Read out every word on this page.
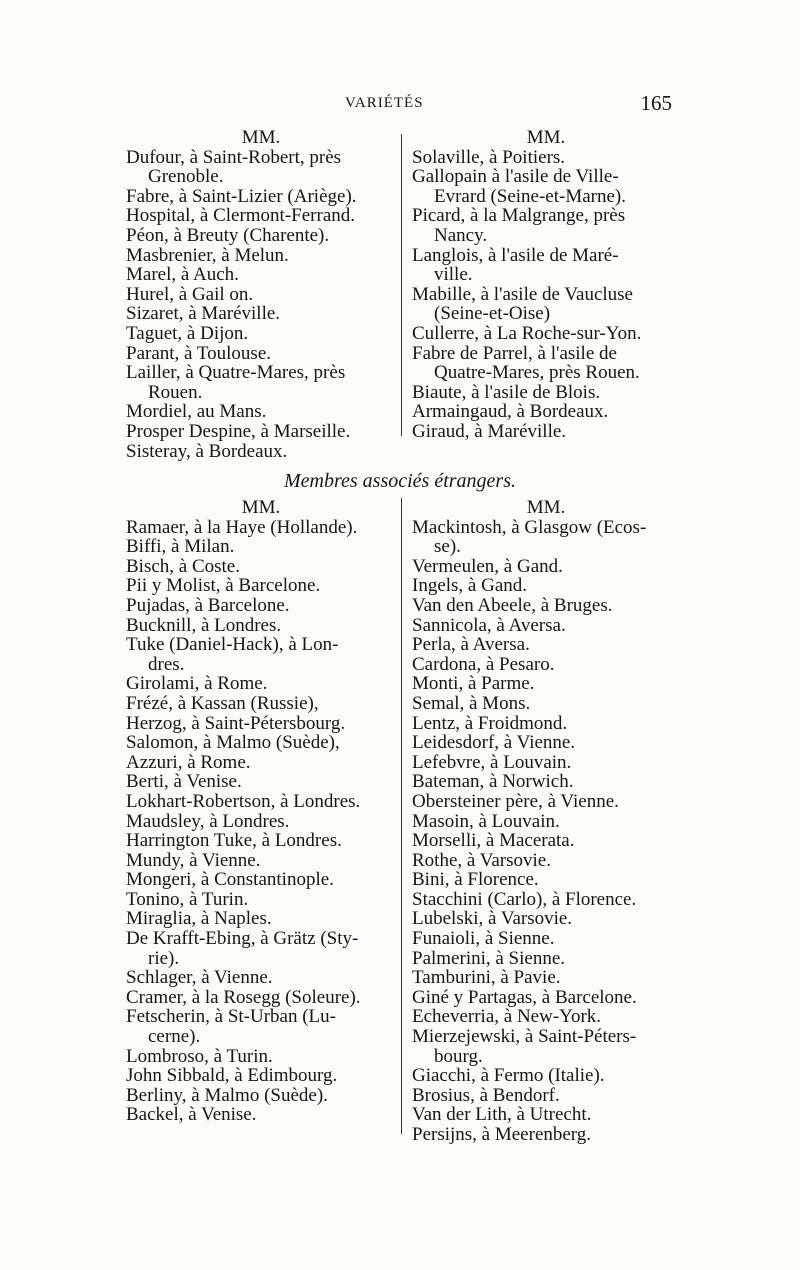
VARIÉTÉS	165
MM.
Dufour, à Saint-Robert, près
Grenoble.
Fabre, à Saint-Lizier (Ariège).
Hospital, à Clermont-Ferrand.
Péon, à Breuty (Charente).
Masbrenier, à Melun.
Marel, à Auch.
Hurel, à Gail on.
Sizaret, à Maréville.
Taguet, à Dijon.
Parant, à Toulouse.
Lailler, à Quatre-Mares, près
Rouen.
Mordiel, au Mans.
Prosper Despine, à Marseille.
Sisteray, à Bordeaux.
MM.
Solaville, à Poitiers.
Gallopain à l'asile de Ville-
Evrard (Seine-et-Marne).
Picard, à la Malgrange, près
Nancy.
Langlois, à l'asile de Maré-
ville.
Mabille, à l'asile de Vaucluse
(Seine-et-Oise)
Cullerre, à La Roche-sur-Yon.
Fabre de Parrel, à l'asile de
Quatre-Mares, près Rouen.
Biaute, à l'asile de Blois.
Armaingaud, à Bordeaux.
Giraud, à Maréville.
Membres associés étrangers.
MM.
Ramaer, à la Haye (Hollande).
Biffi, à Milan.
Bisch, à Coste.
Pii y Molist, à Barcelone.
Pujadas, à Barcelone.
Bucknill, à Londres.
Tuke (Daniel-Hack), à Lon-
dres.
Girolami, à Rome.
Frézé, à Kassan (Russie),
Herzog, à Saint-Pétersbourg.
Salomon, à Malmo (Suède),
Azzuri, à Rome.
Berti, à Venise.
Lokhart-Robertson, à Londres.
Maudsley, à Londres.
Harrington Tuke, à Londres.
Mundy, à Vienne.
Mongeri, à Constantinople.
Tonino, à Turin.
Miraglia, à Naples.
De Krafft-Ebing, à Grätz (Sty-
rie).
Schlager, à Vienne.
Cramer, à la Rosegg (Soleure).
Fetscherin, à St-Urban (Lu-
cerne).
Lombroso, à Turin.
John Sibbald, à Edimbourg.
Berliny, à Malmo (Suède).
Backel, à Venise.
MM.
Mackintosh, à Glasgow (Ecos-
se).
Vermeulen, à Gand.
Ingels, à Gand.
Van den Abeele, à Bruges.
Sannicola, à Aversa.
Perla, à Aversa.
Cardona, à Pesaro.
Monti, à Parme.
Semal, à Mons.
Lentz, à Froidmond.
Leidesdorf, à Vienne.
Lefebvre, à Louvain.
Bateman, à Norwich.
Obersteiner père, à Vienne.
Masoin, à Louvain.
Morselli, à Macerata.
Rothe, à Varsovie.
Bini, à Florence.
Stacchini (Carlo), à Florence.
Lubelski, à Varsovie.
Funaioli, à Sienne.
Palmerini, à Sienne.
Tamburini, à Pavie.
Giné y Partagas, à Barcelone.
Echeverria, à New-York.
Mierzejewski, à Saint-Péters-
bourg.
Giacchi, à Fermo (Italie).
Brosius, à Bendorf.
Van der Lith, à Utrecht.
Persijns, à Meerenberg.
